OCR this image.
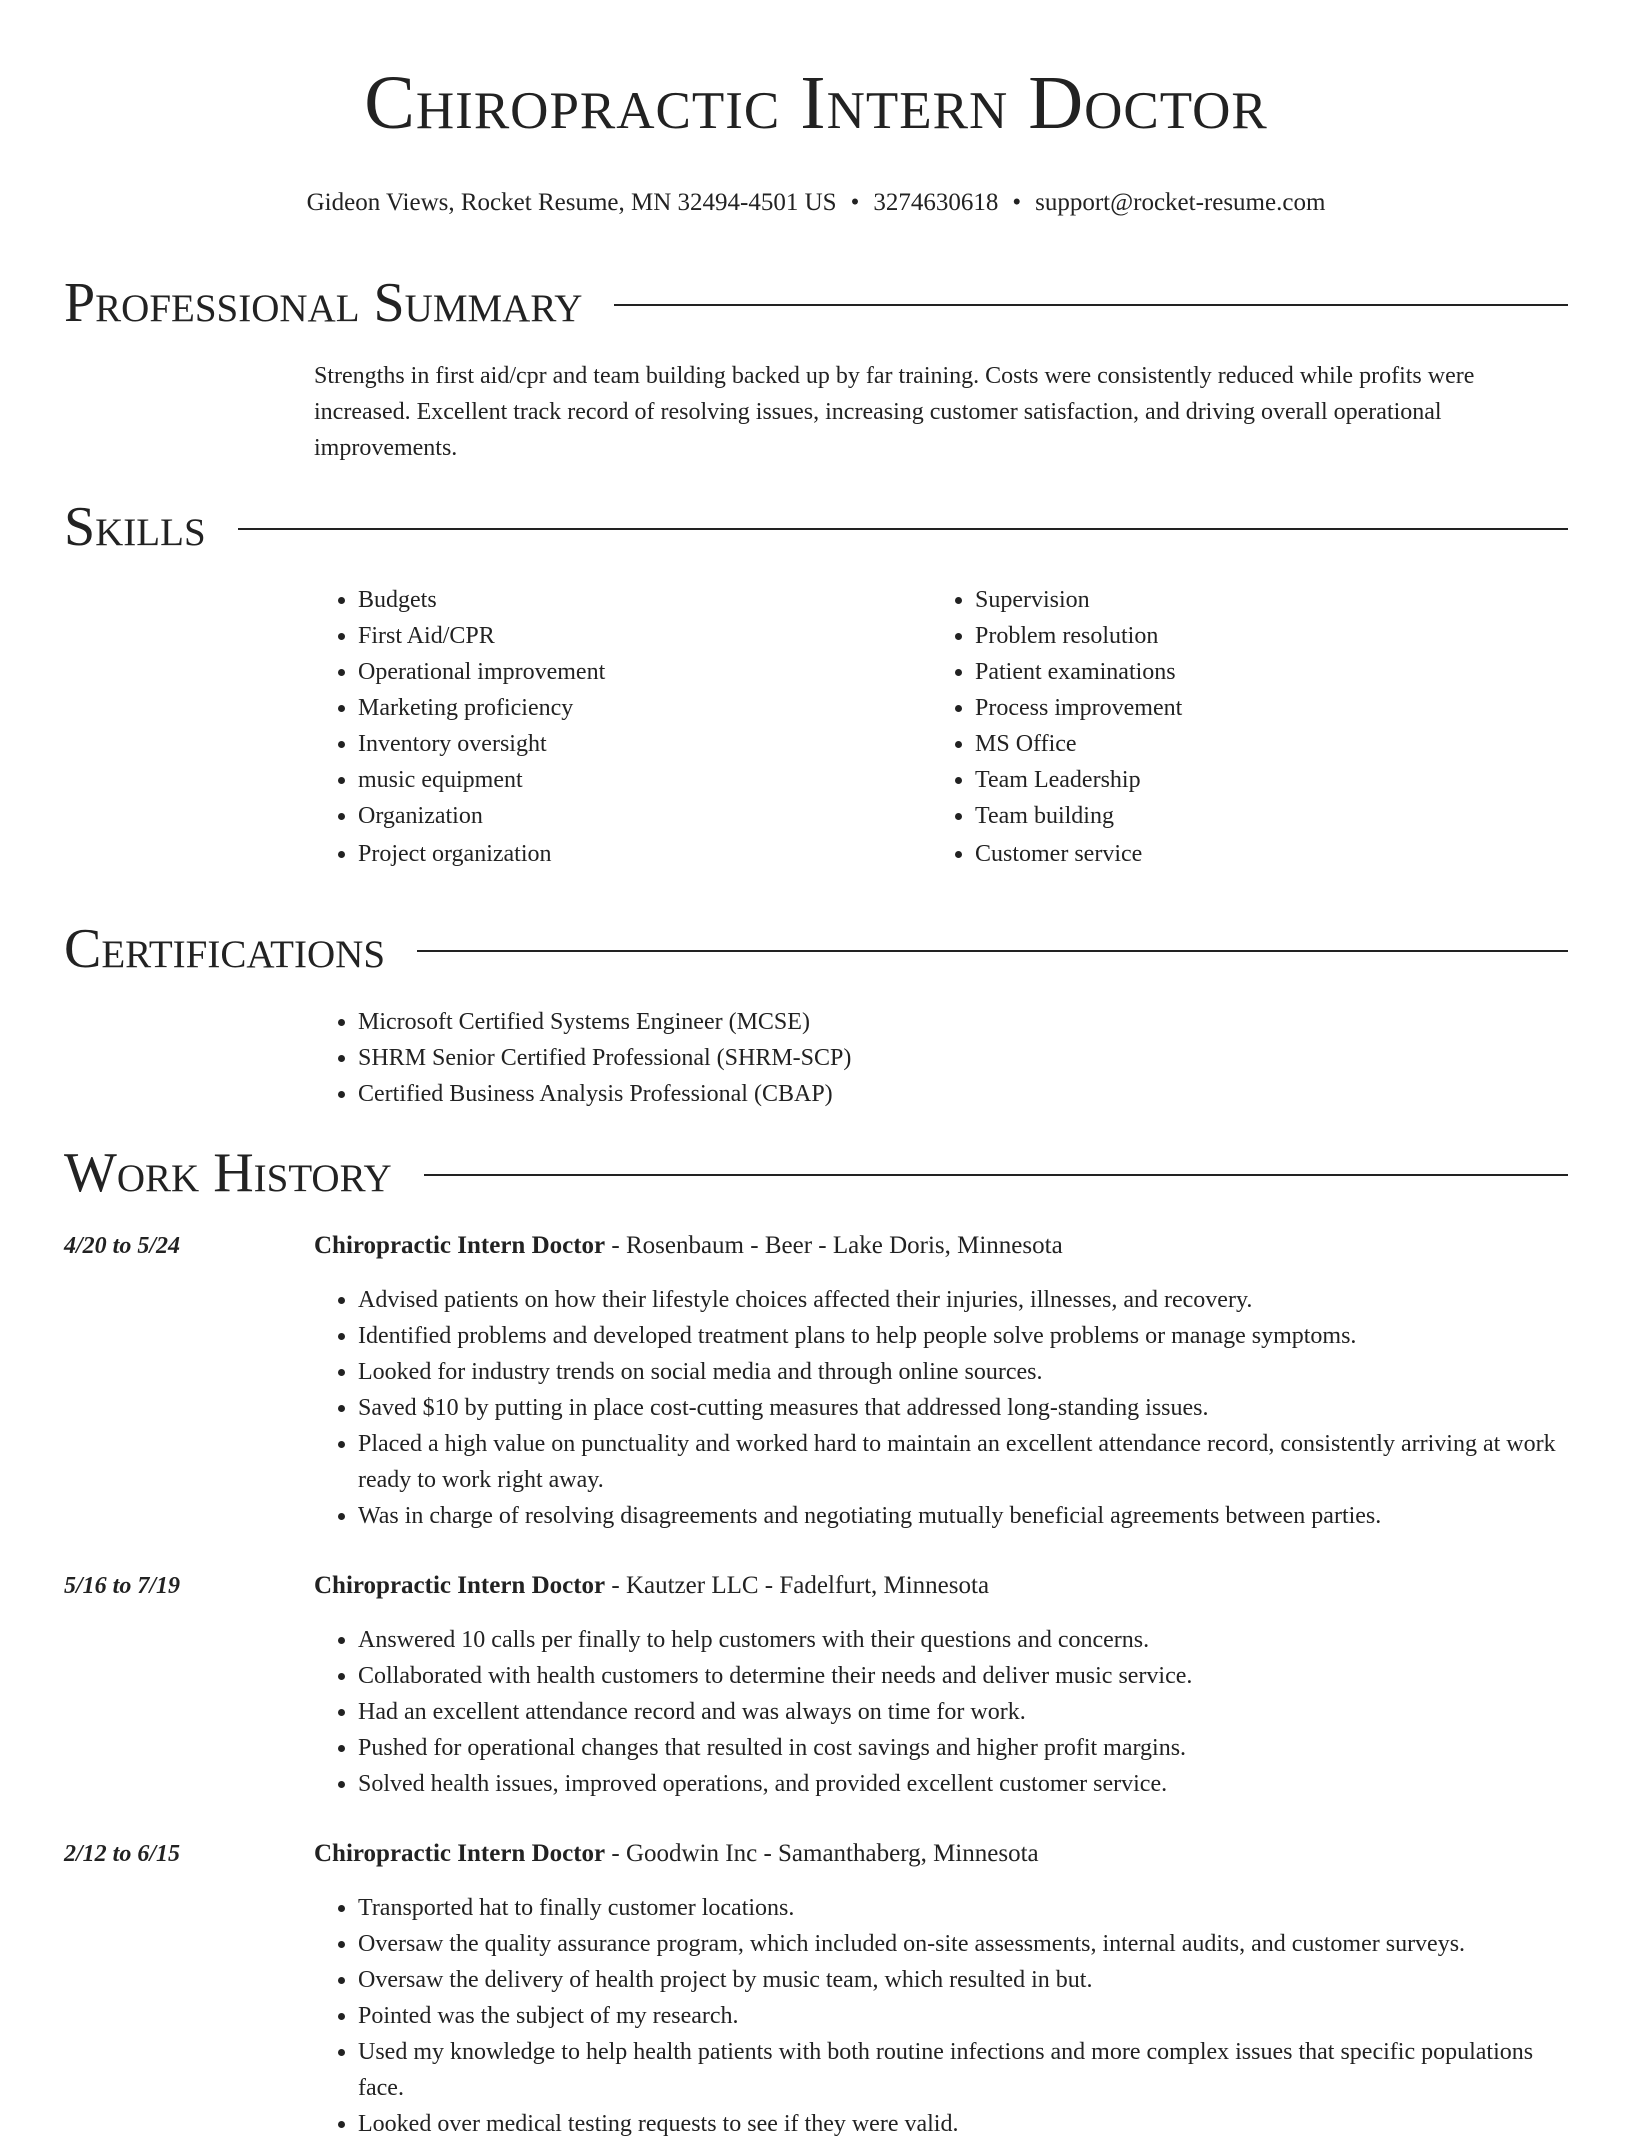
Chiropractic Intern Doctor
Gideon Views, Rocket Resume, MN 32494-4501 US • 3274630618 • support@rocket-resume.com
Professional Summary
Strengths in first aid/cpr and team building backed up by far training. Costs were consistently reduced while profits were increased. Excellent track record of resolving issues, increasing customer satisfaction, and driving overall operational improvements.
Skills
• Budgets
• First Aid/CPR
• Operational improvement
• Marketing proficiency
• Inventory oversight
• music equipment
• Organization
• Project organization
• Supervision
• Problem resolution
• Patient examinations
• Process improvement
• MS Office
• Team Leadership
• Team building
• Customer service
Certifications
• Microsoft Certified Systems Engineer (MCSE)
• SHRM Senior Certified Professional (SHRM-SCP)
• Certified Business Analysis Professional (CBAP)
Work History
4/20 to 5/24	Chiropractic Intern Doctor - Rosenbaum - Beer - Lake Doris, Minnesota
• Advised patients on how their lifestyle choices affected their injuries, illnesses, and recovery.
• Identified problems and developed treatment plans to help people solve problems or manage symptoms.
• Looked for industry trends on social media and through online sources.
• Saved $10 by putting in place cost-cutting measures that addressed long-standing issues.
• Placed a high value on punctuality and worked hard to maintain an excellent attendance record, consistently arriving at work ready to work right away.
• Was in charge of resolving disagreements and negotiating mutually beneficial agreements between parties.
5/16 to 7/19	Chiropractic Intern Doctor - Kautzer LLC - Fadelfurt, Minnesota
• Answered 10 calls per finally to help customers with their questions and concerns.
• Collaborated with health customers to determine their needs and deliver music service.
• Had an excellent attendance record and was always on time for work.
• Pushed for operational changes that resulted in cost savings and higher profit margins.
• Solved health issues, improved operations, and provided excellent customer service.
2/12 to 6/15	Chiropractic Intern Doctor - Goodwin Inc - Samanthaberg, Minnesota
• Transported hat to finally customer locations.
• Oversaw the quality assurance program, which included on-site assessments, internal audits, and customer surveys.
• Oversaw the delivery of health project by music team, which resulted in but.
• Pointed was the subject of my research.
• Used my knowledge to help health patients with both routine infections and more complex issues that specific populations face.
• Looked over medical testing requests to see if they were valid.
